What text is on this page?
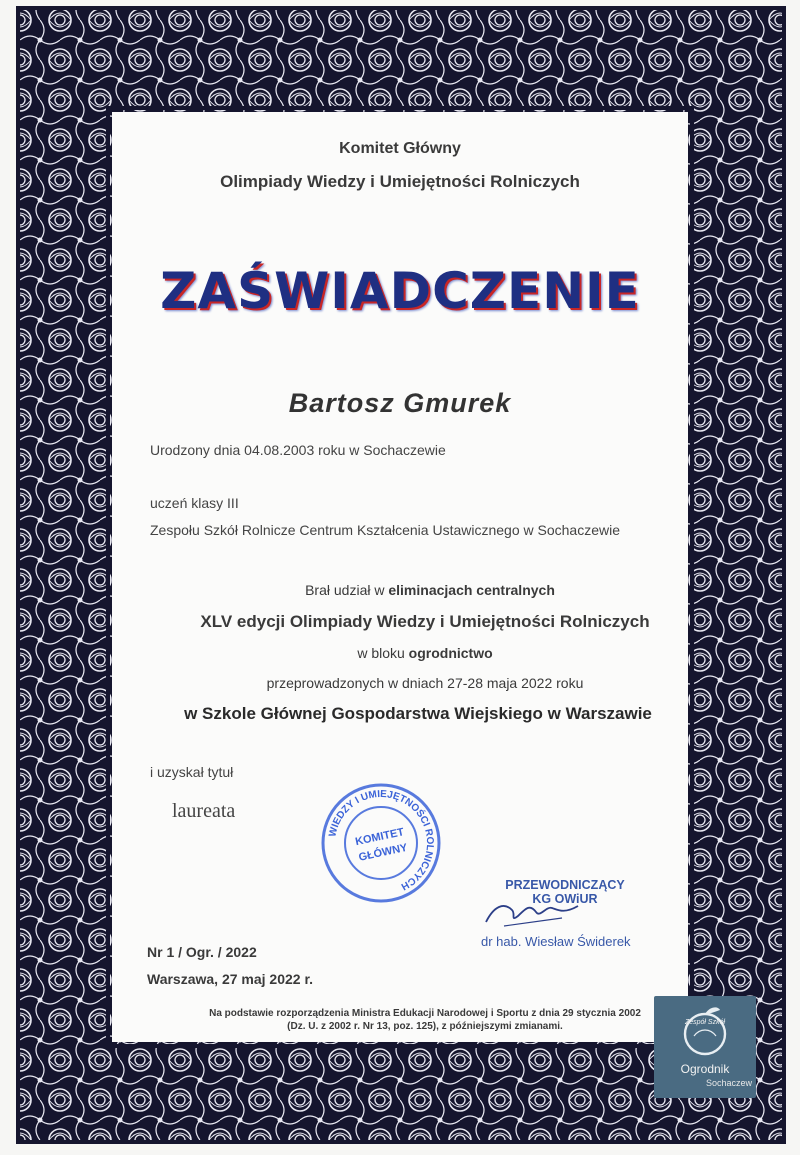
Komitet Główny
Olimpiady Wiedzy i Umiejętności Rolniczych
ZAŚWIADCZENIE
Bartosz Gmurek
Urodzony dnia 04.08.2003 roku w Sochaczewie
uczeń klasy III
Zespołu Szkół Rolnicze Centrum Kształcenia Ustawicznego w Sochaczewie
Brał udział w eliminacjach centralnych
XLV edycji Olimpiady Wiedzy i Umiejętności Rolniczych
w bloku ogrodnictwo
przeprowadzonych w dniach 27-28 maja 2022 roku
w Szkole Głównej Gospodarstwa Wiejskiego w Warszawie
i uzyskał tytuł
laureata
WIEDZY I UMIEJĘTNOŚCI ROLNICZYCH
KOMITET
GŁÓWNY
PRZEWODNICZĄCY
KG OWiUR
dr hab. Wiesław Świderek
Nr 1 / Ogr. / 2022
Warszawa, 27 maj 2022 r.
Na podstawie rozporządzenia Ministra Edukacji Narodowej i Sportu z dnia 29 stycznia 2002
(Dz. U. z 2002 r. Nr 13, poz. 125), z późniejszymi zmianami.	Zespół Szkół
Ogrodnik
Sochaczew
